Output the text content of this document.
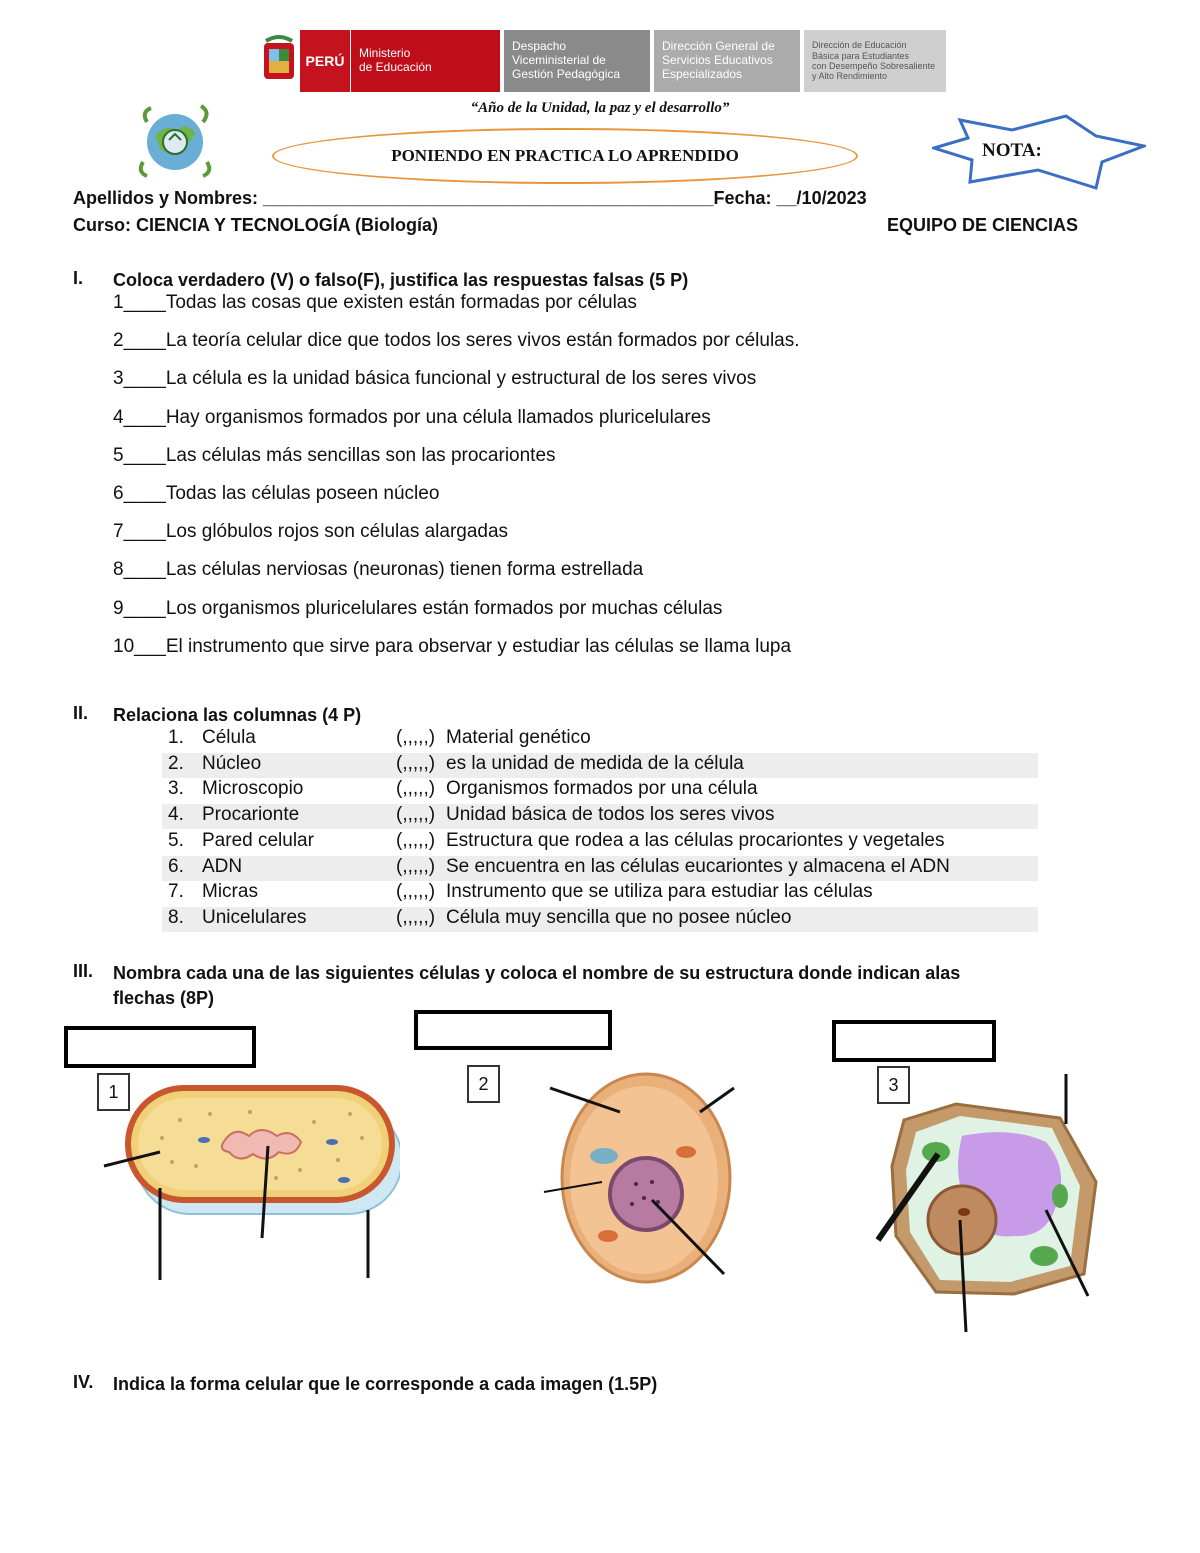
PERÚ	Ministerio
de Educación
Despacho
Viceministerial de
Gestión Pedagógica
Dirección General de
Servicios Educativos
Especializados
Dirección de Educación
Básica para Estudiantes
con Desempeño Sobresaliente
y Alto Rendimiento
“Año de la Unidad, la paz y el desarrollo”
PONIENDO EN PRACTICA LO APRENDIDO	NOTA:
Apellidos y Nombres: _____________________________________________Fecha: __/10/2023
Curso: CIENCIA Y TECNOLOGÍA (Biología)	EQUIPO DE CIENCIAS
I. Coloca verdadero (V) o falso(F), justifica las respuestas falsas (5 P)
1____Todas las cosas que existen están formadas por células
2____La teoría celular dice que todos los seres vivos están formados por células.
3____La célula es la unidad básica funcional y estructural de los seres vivos
4____Hay organismos formados por una célula llamados pluricelulares
5____Las células más sencillas son las procariontes
6____Todas las células poseen núcleo
7____Los glóbulos rojos son células alargadas
8____Las células nerviosas (neuronas) tienen forma estrellada
9____Los organismos pluricelulares están formados por muchas células
10___El instrumento que sirve para observar y estudiar las células se llama lupa
II. Relaciona las columnas (4 P)
1. Célula	(,,,,,) Material genético
2. Núcleo	(,,,,,) es la unidad de medida de la célula
3. Microscopio	(,,,,,) Organismos formados por una célula
4. Procarionte	(,,,,,) Unidad básica de todos los seres vivos
5. Pared celular	(,,,,,) Estructura que rodea a las células procariontes y vegetales
6. ADN	(,,,,,) Se encuentra en las células eucariontes y almacena el ADN
7. Micras	(,,,,,) Instrumento que se utiliza para estudiar las células
8. Unicelulares	(,,,,,) Célula muy sencilla que no posee núcleo
III. Nombra cada una de las siguientes células y coloca el nombre de su estructura donde indican alas
flechas (8P)
1	2	3
IV. Indica la forma celular que le corresponde a cada imagen (1.5P)
